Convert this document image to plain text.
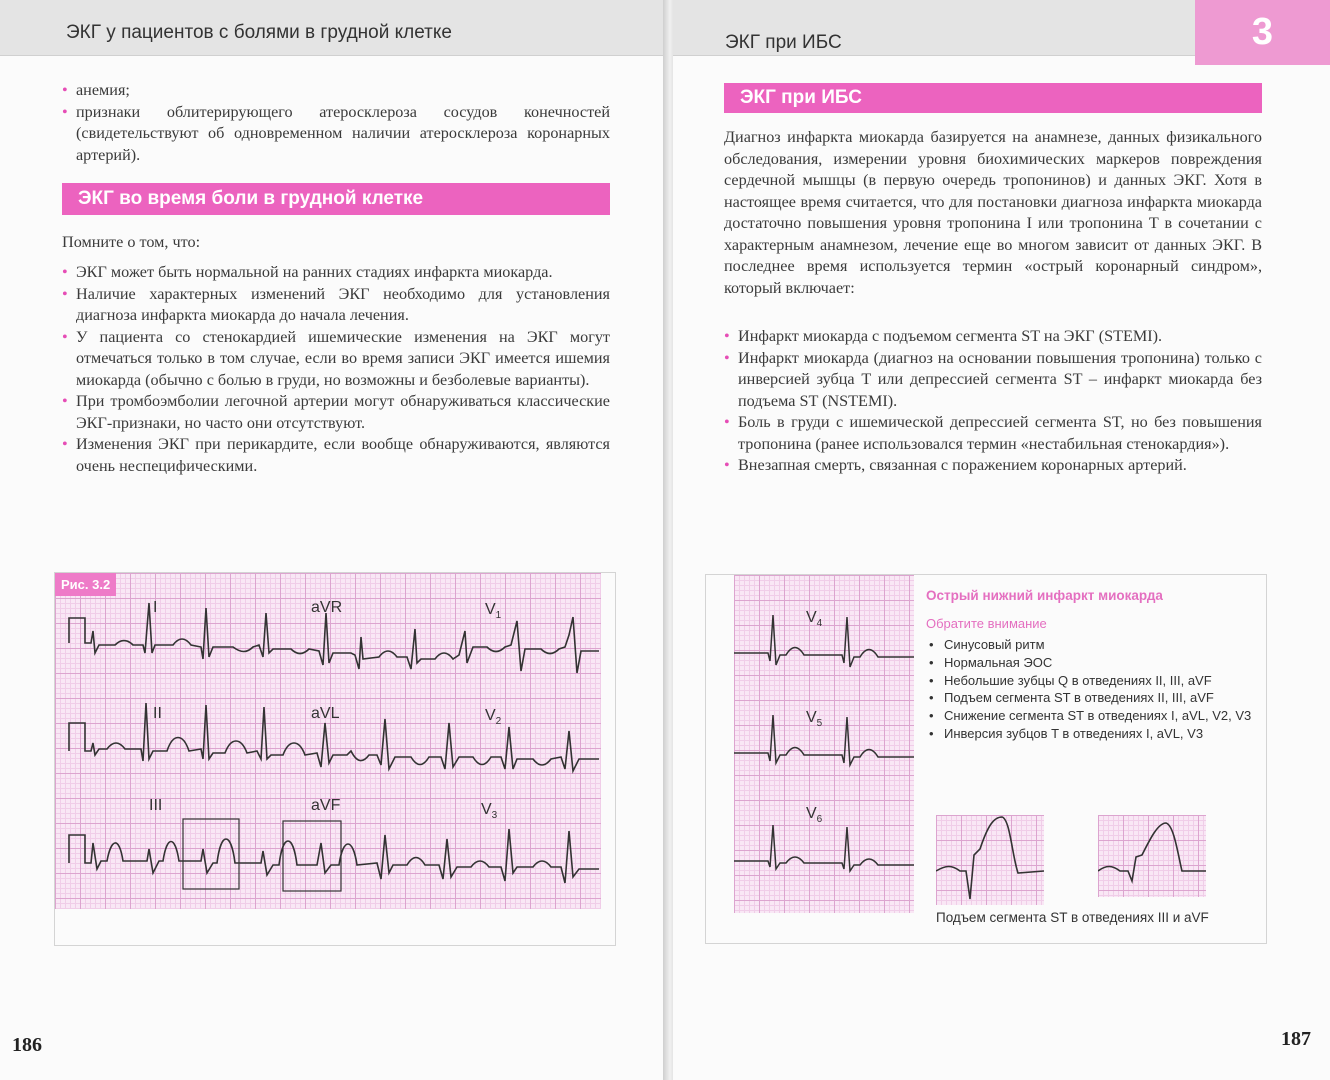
ЭКГ у пациентов с болями в грудной клетке
• анемия;
• признаки облитерирующего атеросклероза сосудов конечностей (свидетельствуют об одновременном наличии атеросклероза коронарных артерий).
ЭКГ во время боли в грудной клетке
Помните о том, что:
• ЭКГ может быть нормальной на ранних стадиях инфаркта миокарда.
• Наличие характерных изменений ЭКГ необходимо для установления диагноза инфаркта миокарда до начала лечения.
• У пациента со стенокардией ишемические изменения на ЭКГ могут отмечаться только в том случае, если во время записи ЭКГ имеется ишемия миокарда (обычно с болью в груди, но возможны и безболевые варианты).
• При тромбоэмболии легочной артерии могут обнаруживаться классические ЭКГ-признаки, но часто они отсутствуют.
• Изменения ЭКГ при перикардите, если вообще обнаруживаются, являются очень неспецифическими.
Рис. 3.2
I	aVR	$V_1$
II	aVL	$V_2$
III	aVF	$V_3$
186
ЭКГ при ИБС	3
ЭКГ при ИБС
Диагноз инфаркта миокарда базируется на анамнезе, данных физикального обследования, измерении уровня биохимических маркеров повреждения сердечной мышцы (в первую очередь тропонинов) и данных ЭКГ. Хотя в настоящее время считается, что для постановки диагноза инфаркта миокарда достаточно повышения уровня тропонина I или тропонина T в сочетании с характерным анамнезом, лечение еще во многом зависит от данных ЭКГ. В последнее время используется термин «острый коронарный синдром», который включает:
• Инфаркт миокарда с подъемом сегмента ST на ЭКГ (STEMI).
• Инфаркт миокарда (диагноз на основании повышения тропонина) только с инверсией зубца T или депрессией сегмента ST – инфаркт миокарда без подъема ST (NSTEMI).
• Боль в груди с ишемической депрессией сегмента ST, но без повышения тропонина (ранее использовался термин «нестабильная стенокардия»).
• Внезапная смерть, связанная с поражением коронарных артерий.
$V_4$
$V_5$
$V_6$
Острый нижний инфаркт миокарда
Обратите внимание
• Синусовый ритм
• Нормальная ЭОС
• Небольшие зубцы Q в отведениях II, III, aVF
• Подъем сегмента ST в отведениях II, III, aVF
• Снижение сегмента ST в отведениях I, aVL, V2, V3
• Инверсия зубцов T в отведениях I, aVL, V3
Подъем сегмента ST в отведениях III и aVF
187
